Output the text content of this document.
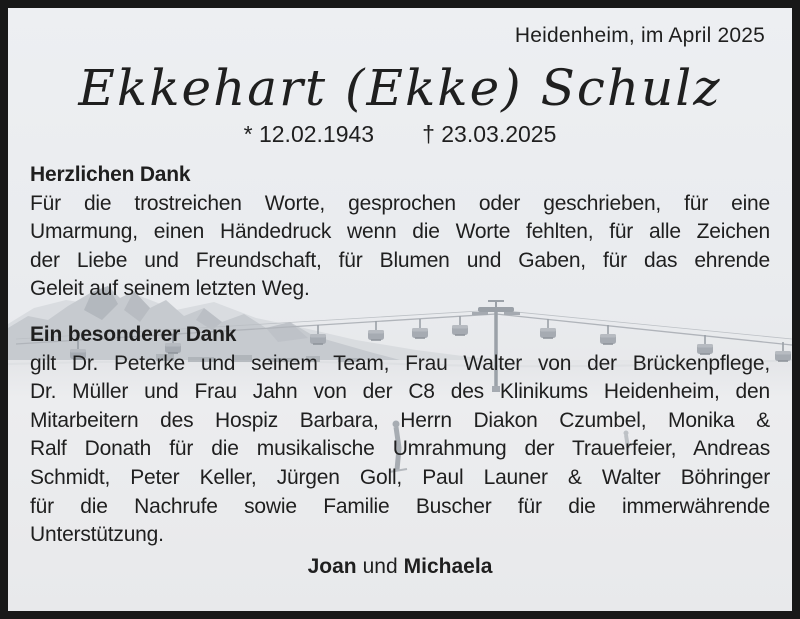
Heidenheim, im April 2025
Ekkehart (Ekke) Schulz
* 12.02.1943 † 23.03.2025
Herzlichen Dank
Für die trostreichen Worte, gesprochen oder geschrieben, für eine
Umarmung, einen Händedruck wenn die Worte fehlten, für alle Zeichen
der Liebe und Freundschaft, für Blumen und Gaben, für das ehrende
Geleit auf seinem letzten Weg.
Ein besonderer Dank
gilt Dr. Peterke und seinem Team, Frau Walter von der Brückenpflege,
Dr. Müller und Frau Jahn von der C8 des Klinikums Heidenheim, den
Mitarbeitern des Hospiz Barbara, Herrn Diakon Czumbel, Monika &
Ralf Donath für die musikalische Umrahmung der Trauerfeier, Andreas
Schmidt, Peter Keller, Jürgen Goll, Paul Launer & Walter Böhringer
für die Nachrufe sowie Familie Buscher für die immerwährende
Unterstützung.
Joan und Michaela
